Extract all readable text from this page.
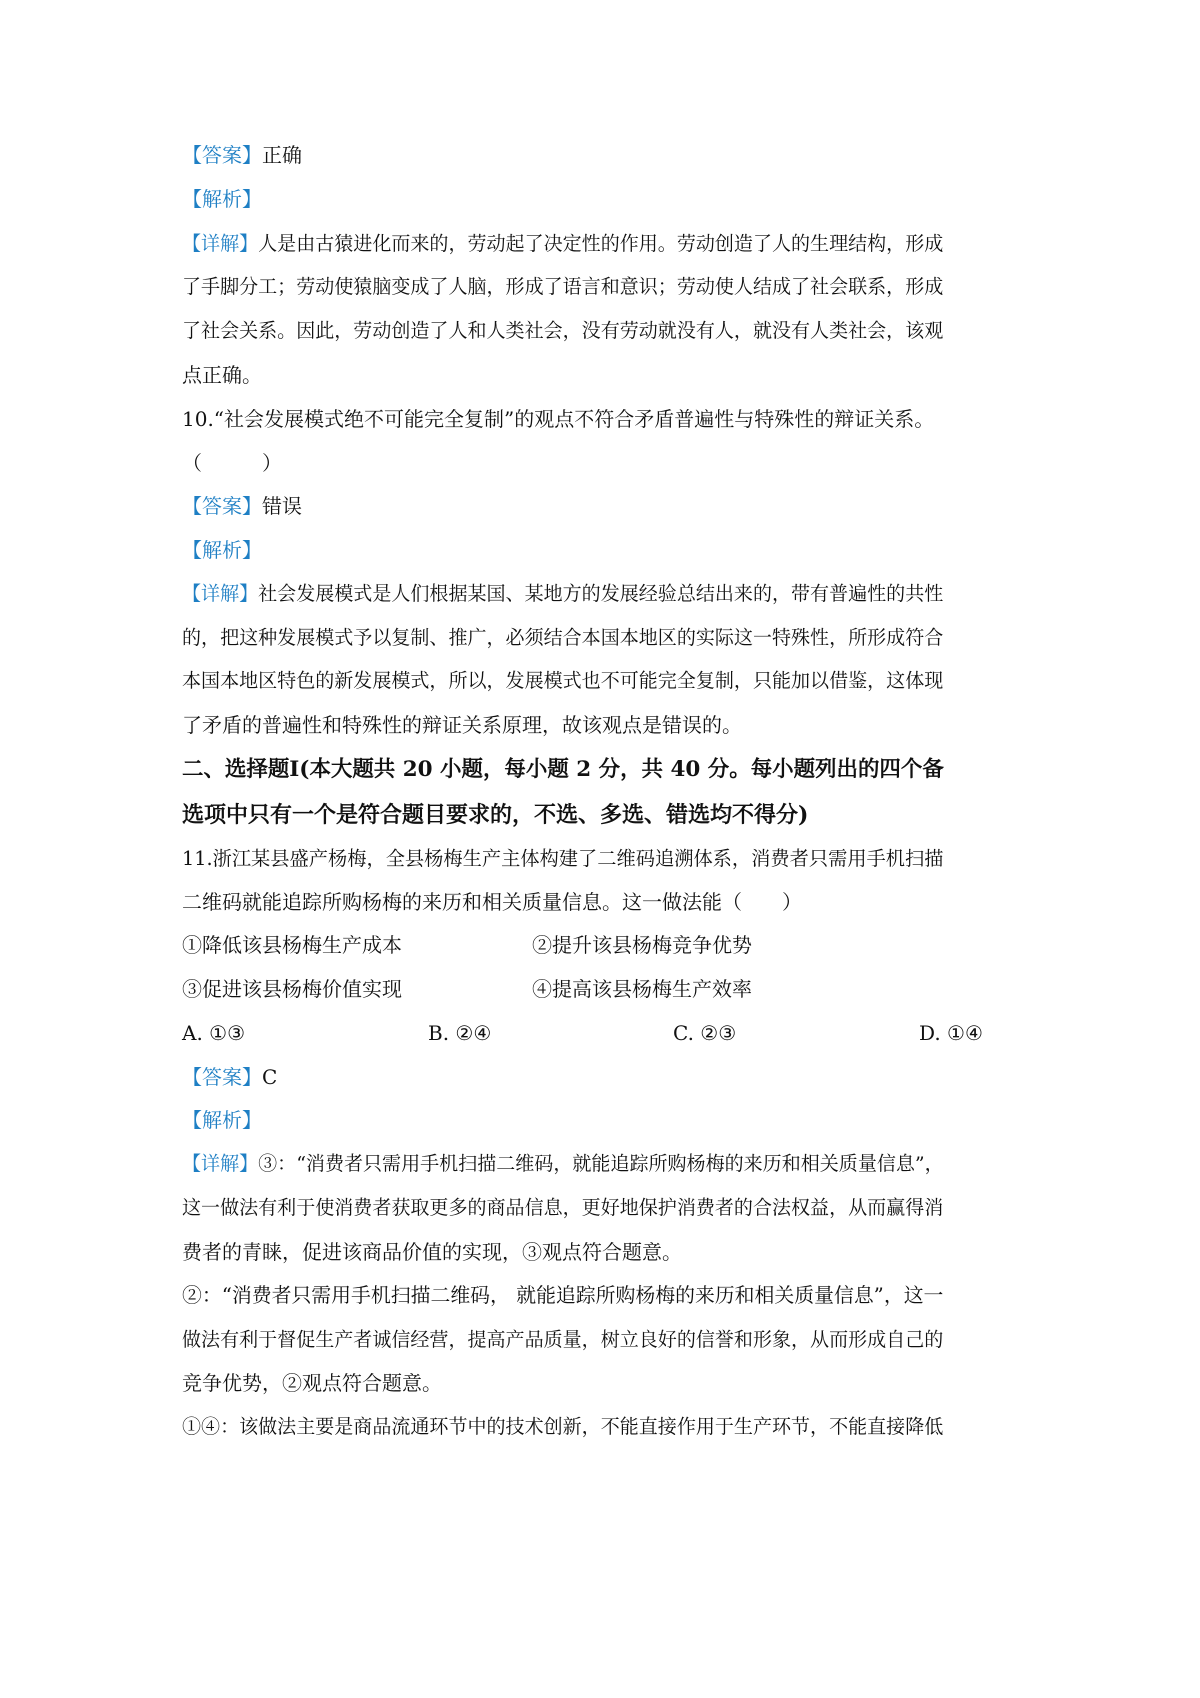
【答案】正确
【解析】
【详解】人是由古猿进化而来的，劳动起了决定性的作用。劳动创造了人的生理结构，形成
了手脚分工；劳动使猿脑变成了人脑，形成了语言和意识；劳动使人结成了社会联系，形成
了社会关系。因此，劳动创造了人和人类社会，没有劳动就没有人，就没有人类社会，该观
点正确。
10.“社会发展模式绝不可能完全复制”的观点不符合矛盾普遍性与特殊性的辩证关系。
（　　　）
【答案】错误
【解析】
【详解】社会发展模式是人们根据某国、某地方的发展经验总结出来的，带有普遍性的共性
的，把这种发展模式予以复制、推广，必须结合本国本地区的实际这一特殊性，所形成符合
本国本地区特色的新发展模式，所以，发展模式也不可能完全复制，只能加以借鉴，这体现
了矛盾的普遍性和特殊性的辩证关系原理，故该观点是错误的。
二、选择题Ⅰ(本大题共 20 小题，每小题 2 分，共 40 分。每小题列出的四个备
选项中只有一个是符合题目要求的，不选、多选、错选均不得分)
11.浙江某县盛产杨梅，全县杨梅生产主体构建了二维码追溯体系，消费者只需用手机扫描
二维码就能追踪所购杨梅的来历和相关质量信息。这一做法能（　　）
①降低该县杨梅生产成本	②提升该县杨梅竞争优势
③促进该县杨梅价值实现	④提高该县杨梅生产效率
A. ①③	B. ②④	C. ②③	D. ①④
【答案】C
【解析】
【详解】③：“消费者只需用手机扫描二维码，就能追踪所购杨梅的来历和相关质量信息”，
这一做法有利于使消费者获取更多的商品信息，更好地保护消费者的合法权益，从而赢得消
费者的青睐，促进该商品价值的实现，③观点符合题意。
②：“消费者只需用手机扫描二维码， 就能追踪所购杨梅的来历和相关质量信息”，这一
做法有利于督促生产者诚信经营，提高产品质量，树立良好的信誉和形象，从而形成自己的
竞争优势，②观点符合题意。
①④：该做法主要是商品流通环节中的技术创新，不能直接作用于生产环节，不能直接降低
